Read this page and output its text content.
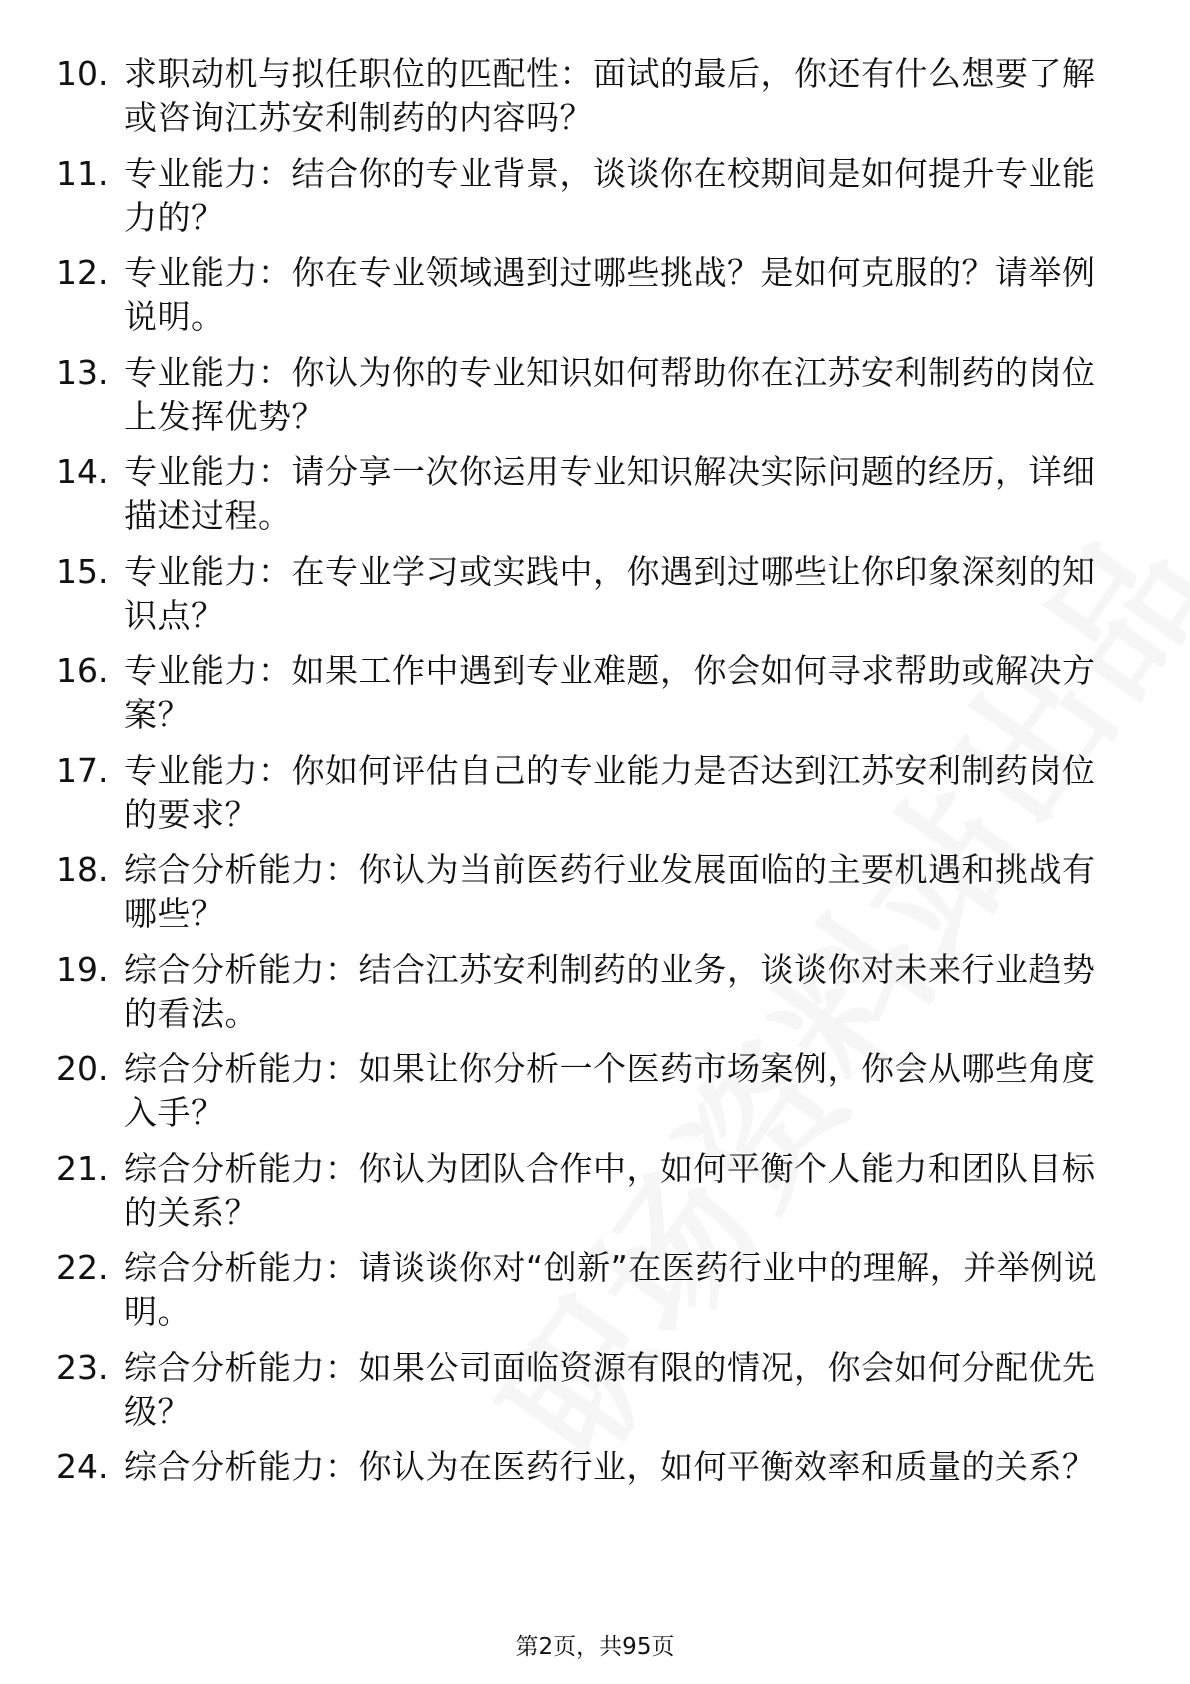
10. 求职动机与拟任职位的匹配性：面试的最后，你还有什么想要了解或咨询江苏安利制药的内容吗？
11. 专业能力：结合你的专业背景，谈谈你在校期间是如何提升专业能力的？
12. 专业能力：你在专业领域遇到过哪些挑战？是如何克服的？请举例说明。
13. 专业能力：你认为你的专业知识如何帮助你在江苏安利制药的岗位上发挥优势？
14. 专业能力：请分享一次你运用专业知识解决实际问题的经历，详细描述过程。
15. 专业能力：在专业学习或实践中，你遇到过哪些让你印象深刻的知识点？
16. 专业能力：如果工作中遇到专业难题，你会如何寻求帮助或解决方案？
17. 专业能力：你如何评估自己的专业能力是否达到江苏安利制药岗位的要求？
18. 综合分析能力：你认为当前医药行业发展面临的主要机遇和挑战有哪些？
19. 综合分析能力：结合江苏安利制药的业务，谈谈你对未来行业趋势的看法。
20. 综合分析能力：如果让你分析一个医药市场案例，你会从哪些角度入手？
21. 综合分析能力：你认为团队合作中，如何平衡个人能力和团队目标的关系？
22. 综合分析能力：请谈谈你对“创新”在医药行业中的理解，并举例说明。
23. 综合分析能力：如果公司面临资源有限的情况，你会如何分配优先级？
24. 综合分析能力：你认为在医药行业，如何平衡效率和质量的关系？
第2页，共95页
